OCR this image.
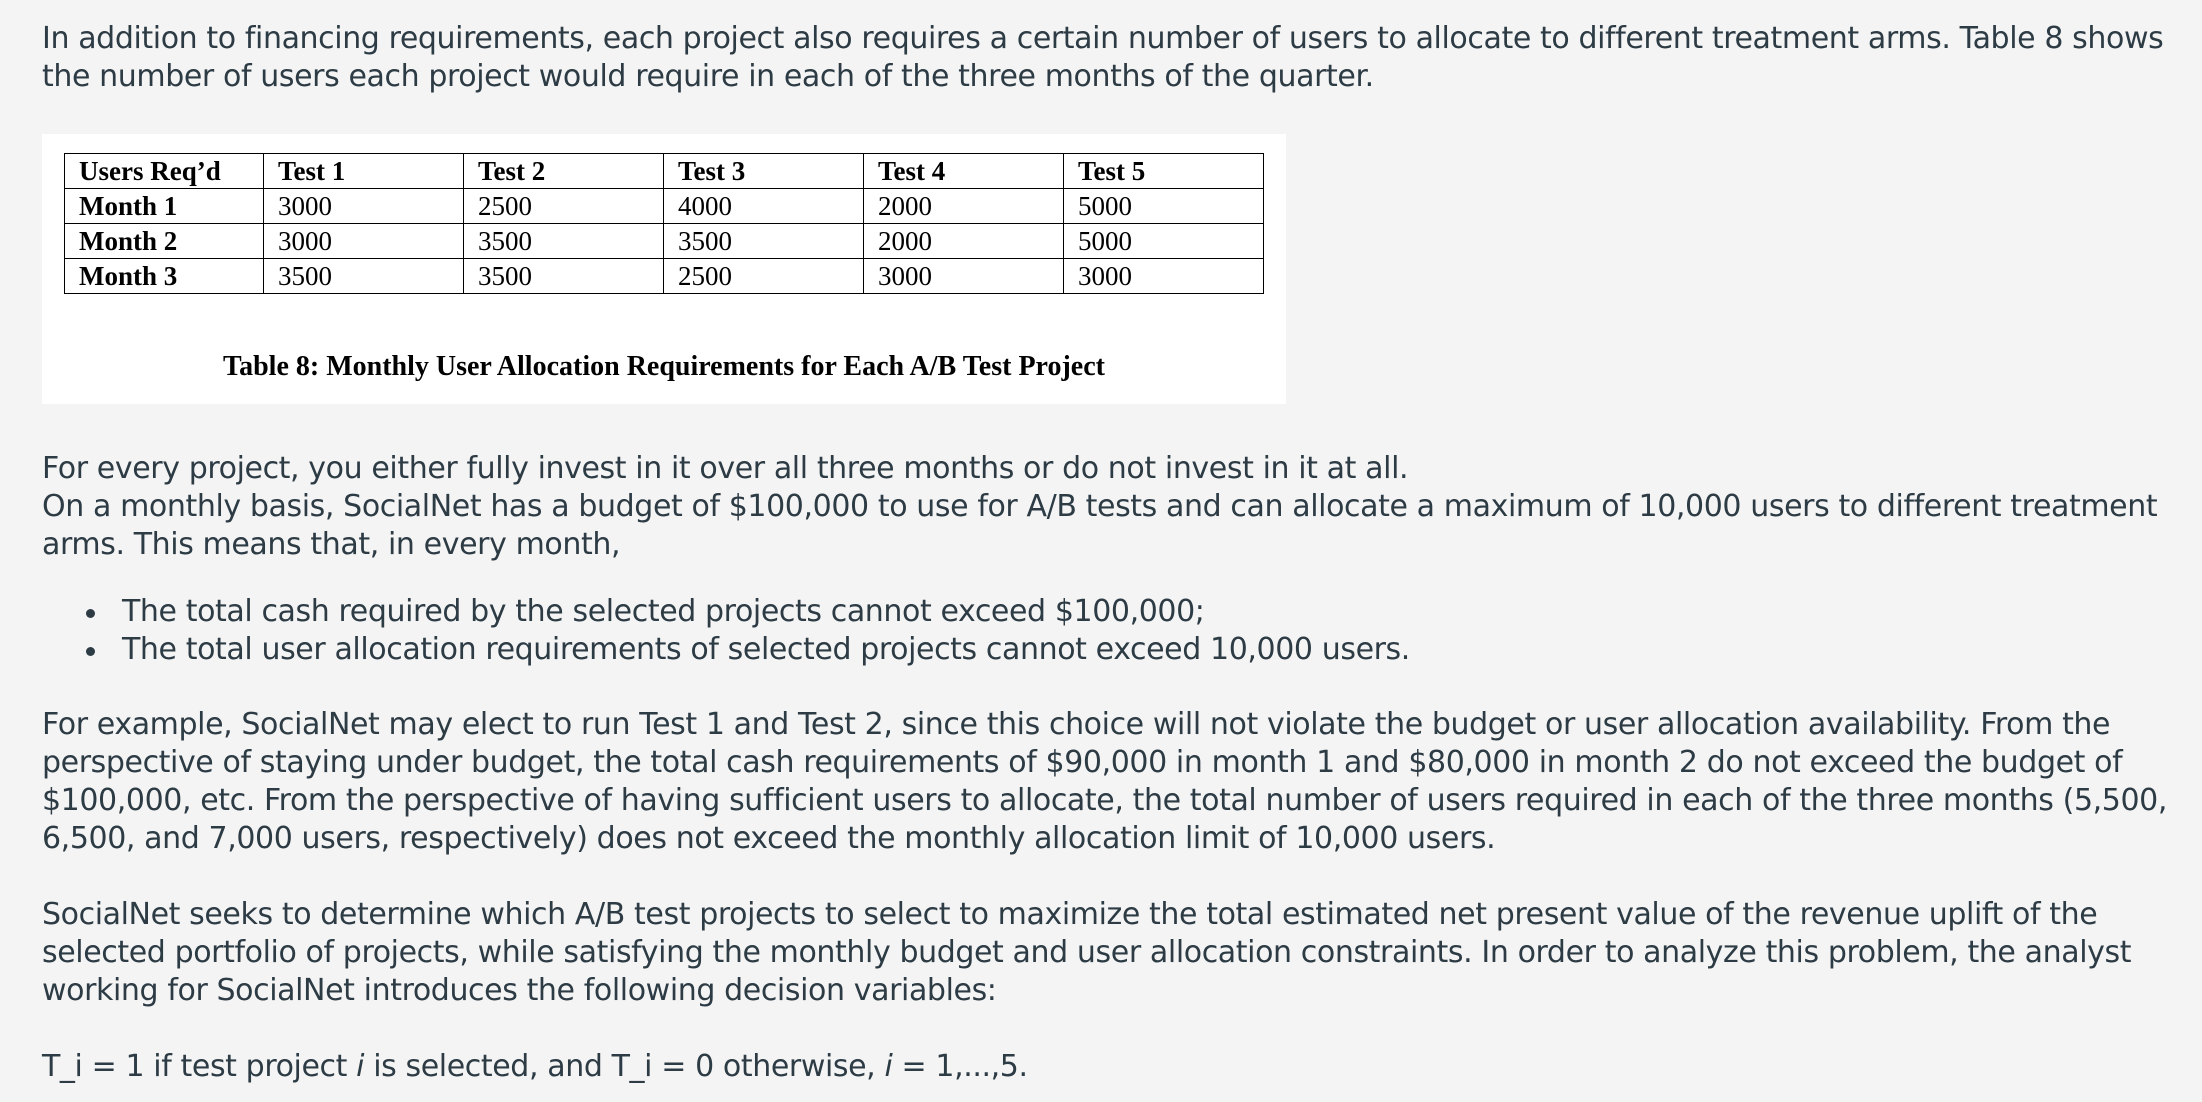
In addition to financing requirements, each project also requires a certain number of users to allocate to different treatment arms. Table 8 shows the number of users each project would require in each of the three months of the quarter.

Users Req’d	Test 1	Test 2	Test 3	Test 4	Test 5
Month 1	3000	2500	4000	2000	5000
Month 2	3000	3500	3500	2000	5000
Month 3	3500	3500	2500	3000	3000
Table 8: Monthly User Allocation Requirements for Each A/B Test Project

For every project, you either fully invest in it over all three months or do not invest in it at all.

On a monthly basis, SocialNet has a budget of $100,000 to use for A/B tests and can allocate a maximum of 10,000 users to different treatment arms. This means that, in every month,

The total cash required by the selected projects cannot exceed $100,000;
The total user allocation requirements of selected projects cannot exceed 10,000 users.

For example, SocialNet may elect to run Test 1 and Test 2, since this choice will not violate the budget or user allocation availability. From the perspective of staying under budget, the total cash requirements of $90,000 in month 1 and $80,000 in month 2 do not exceed the budget of $100,000, etc. From the perspective of having sufficient users to allocate, the total number of users required in each of the three months (5,500, 6,500, and 7,000 users, respectively) does not exceed the monthly allocation limit of 10,000 users.

SocialNet seeks to determine which A/B test projects to select to maximize the total estimated net present value of the revenue uplift of the selected portfolio of projects, while satisfying the monthly budget and user allocation constraints. In order to analyze this problem, the analyst working for SocialNet introduces the following decision variables:

T_i = 1 if test project i is selected, and T_i = 0 otherwise, i = 1,...,5.
